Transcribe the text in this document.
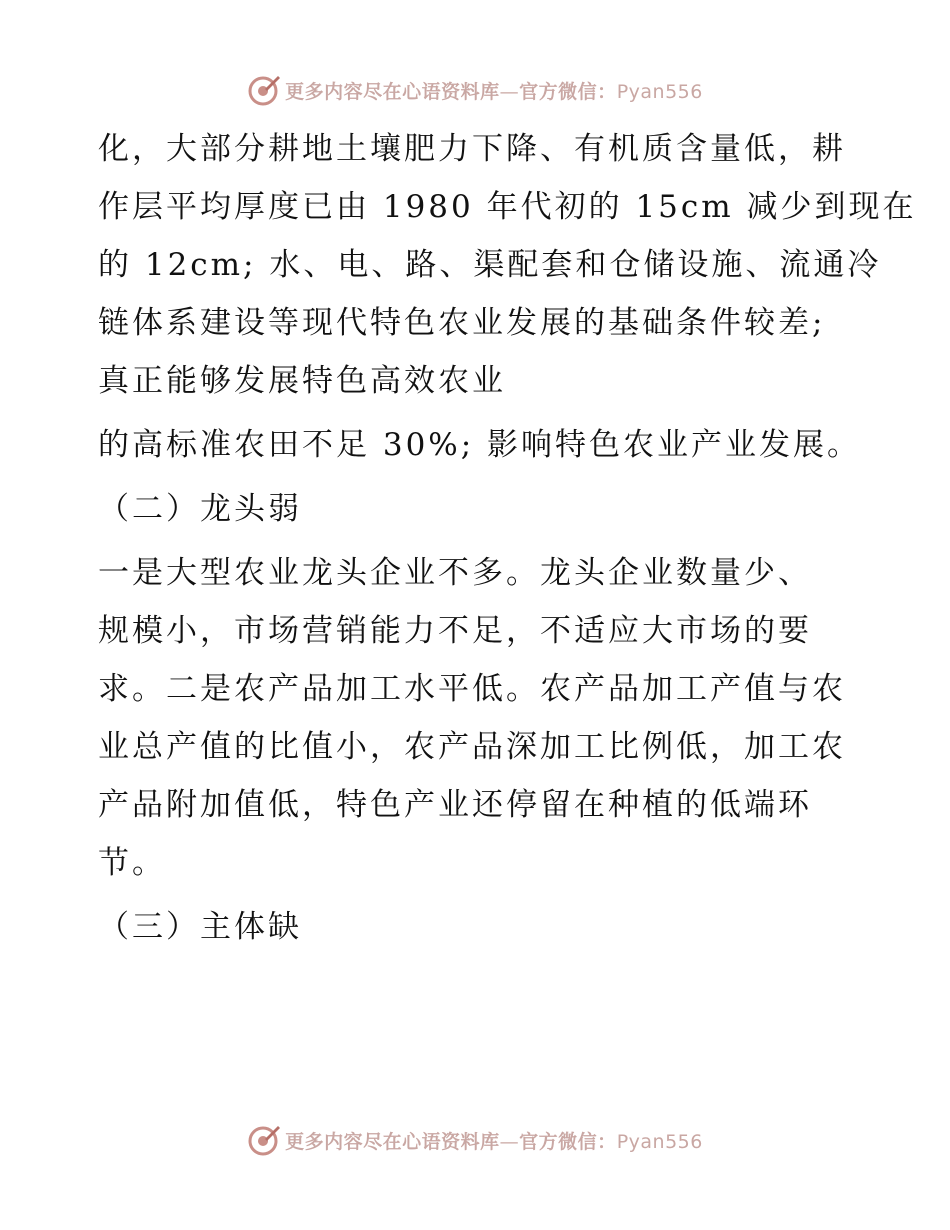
更多内容尽在心语资料库—官方微信：Pyan556

化，大部分耕地土壤肥力下降、有机质含量低，耕
作层平均厚度已由 1980 年代初的 15cm 减少到现在
的 12cm; 水、电、路、渠配套和仓储设施、流通冷
链体系建设等现代特色农业发展的基础条件较差;
真正能够发展特色高效农业

的高标准农田不足 30%; 影响特色农业产业发展。

（二）龙头弱

一是大型农业龙头企业不多。龙头企业数量少、
规模小，市场营销能力不足，不适应大市场的要
求。二是农产品加工水平低。农产品加工产值与农
业总产值的比值小，农产品深加工比例低，加工农
产品附加值低，特色产业还停留在种植的低端环
节。

（三）主体缺

更多内容尽在心语资料库—官方微信：Pyan556
